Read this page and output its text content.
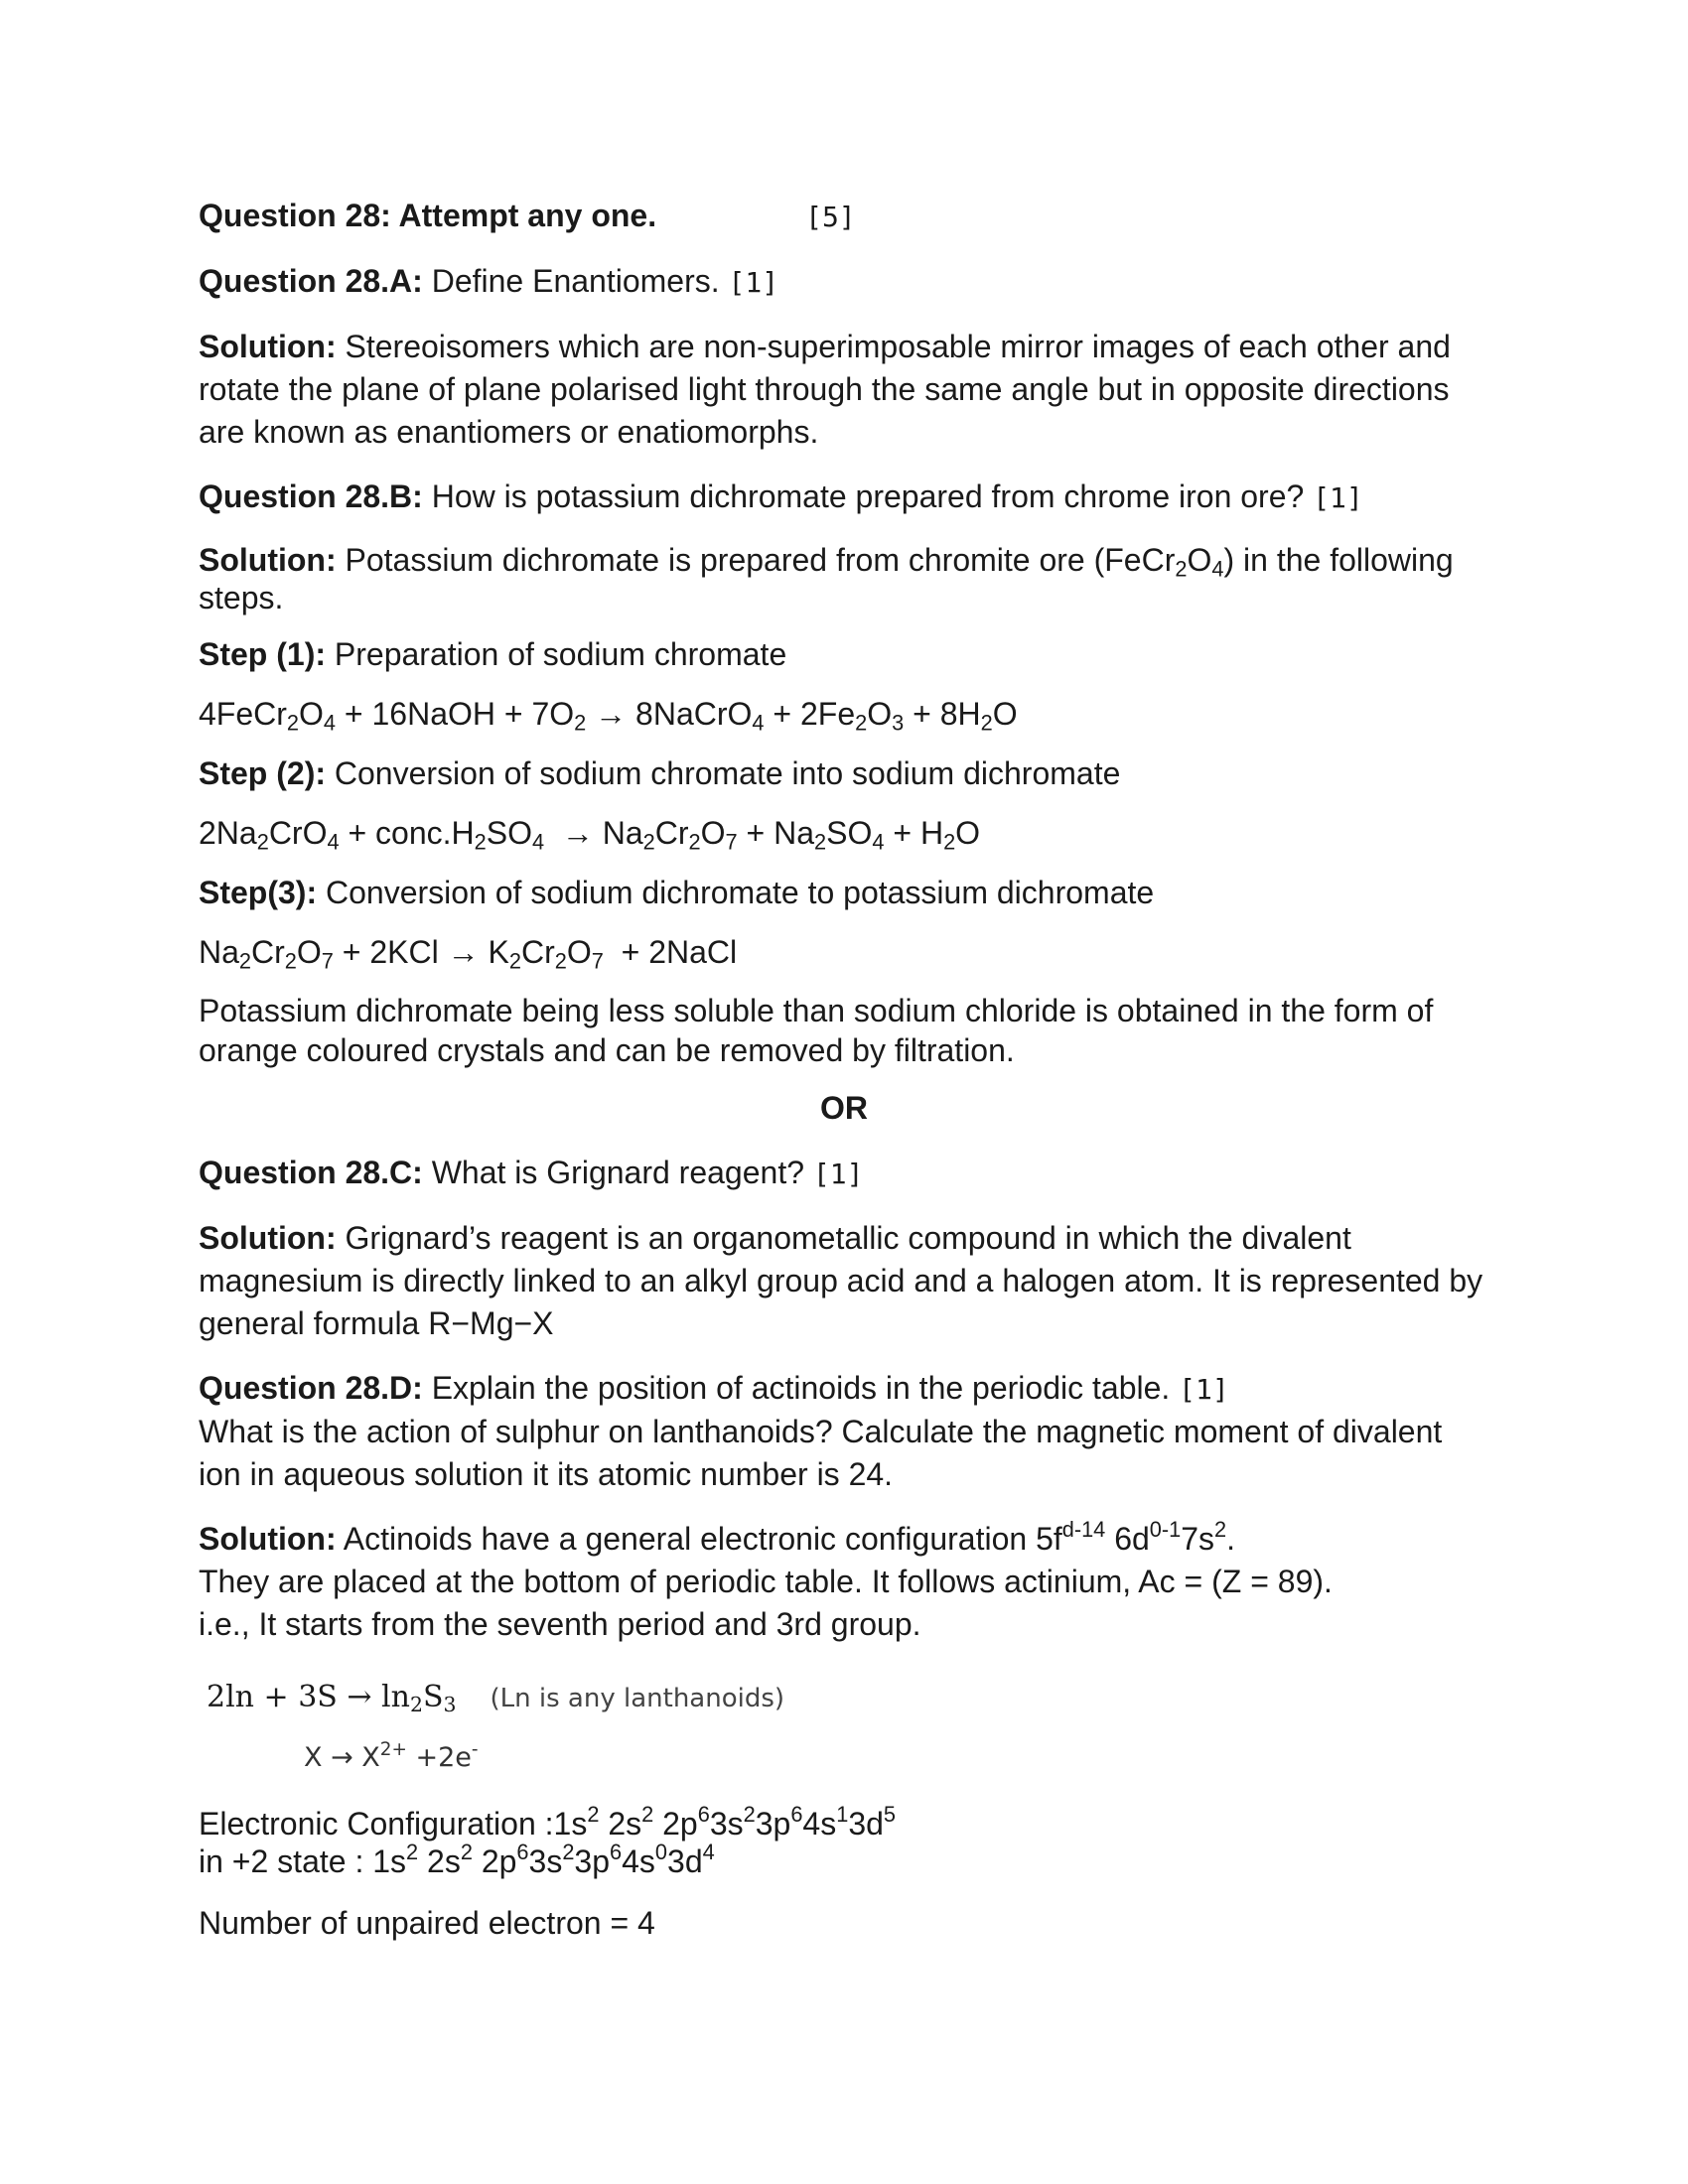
Question 28: Attempt any one.	[5]

Question 28.A: Define Enantiomers. [1]

Solution: Stereoisomers which are non-superimposable mirror images of each other and rotate the plane of plane polarised light through the same angle but in opposite directions are known as enantiomers or enatiomorphs.

Question 28.B: How is potassium dichromate prepared from chrome iron ore? [1]

Solution: Potassium dichromate is prepared from chromite ore $(FeCr_2O_4)$ in the following steps.

Step (1): Preparation of sodium chromate

$4FeCr_2O_4$ + 16NaOH + $7O_2$ → 8NaCrO$_4$ + $2Fe_2O_3 + 8H_2O$

Step (2): Conversion of sodium chromate into sodium dichromate

$2Na_2CrO_4$ + $conc.H_2SO_4 \to Na_2Cr_2O_7 + Na_2SO_4 + H_2O$

Step(3): Conversion of sodium dichromate to potassium dichromate

$Na_2Cr_2O_7 + 2KCl \to K_2Cr_2O_7$  + 2NaCl

Potassium dichromate being less soluble than sodium chloride is obtained in the form of orange coloured crystals and can be removed by filtration.

OR

Question 28.C: What is Grignard reagent? [1]

Solution: Grignard’s reagent is an organometallic compound in which the divalent magnesium is directly linked to an alkyl group acid and a halogen atom. It is represented by general formula R−Mg−X

Question 28.D: Explain the position of actinoids in the periodic table. [1]
What is the action of sulphur on lanthanoids? Calculate the magnetic moment of divalent ion in aqueous solution it its atomic number is 24.

Solution: Actinoids have a general electronic configuration $5f^{d-14}$ $6d^{0-1}7s^2$.
They are placed at the bottom of periodic table. It follows actinium, Ac = (Z = 89).
i.e., It starts from the seventh period and 3rd group.

$2\ln + 3S \to \ln_2S_3$ (Ln is any lanthanoids)
$X \to X^{2+} +2e^-$

Electronic Configuration $:1s^2$ $2s^2$ $2p^63s^23p^64s^13d^5$
in +2 state : $1s^2$ $2s^2$ $2p^63s^23p^64s^03d^4$

Number of unpaired electron = 4
